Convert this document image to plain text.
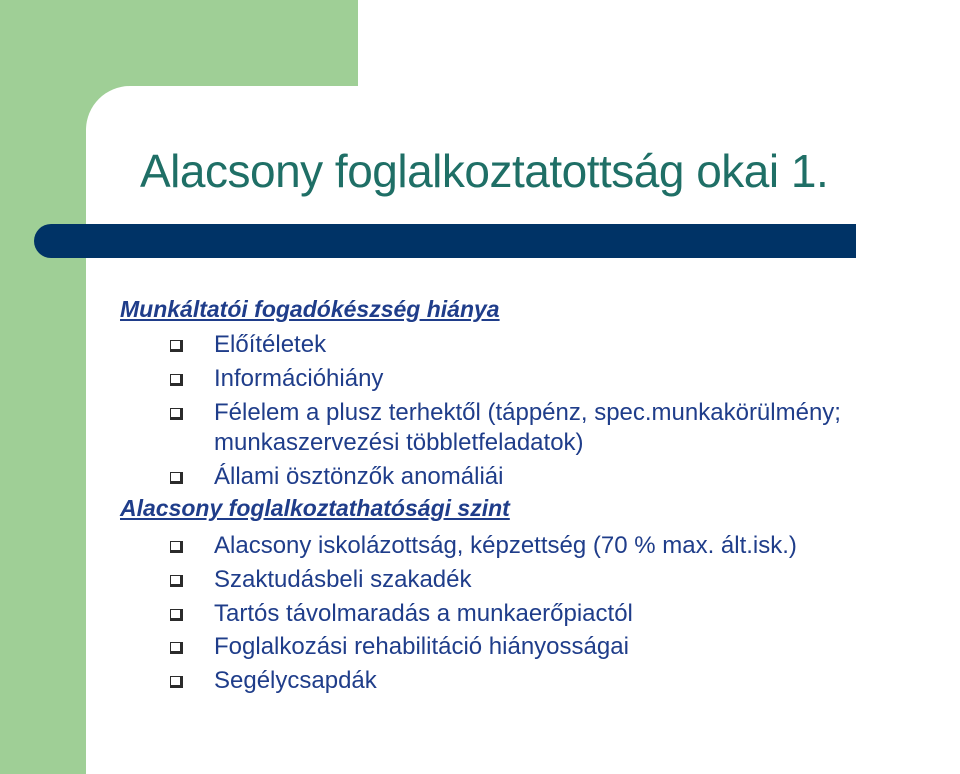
Alacsony foglalkoztatottság okai 1.

Munkáltatói fogadókészség hiánya

Előítéletek
Információhiány
Félelem a plusz terhektől (táppénz, spec.munkakörülmény;
munkaszervezési többletfeladatok)
Állami ösztönzők anomáliái

Alacsony foglalkoztathatósági szint

Alacsony iskolázottság, képzettség (70 % max. ált.isk.)
Szaktudásbeli szakadék
Tartós távolmaradás a munkaerőpiactól
Foglalkozási rehabilitáció hiányosságai
Segélycsapdák
